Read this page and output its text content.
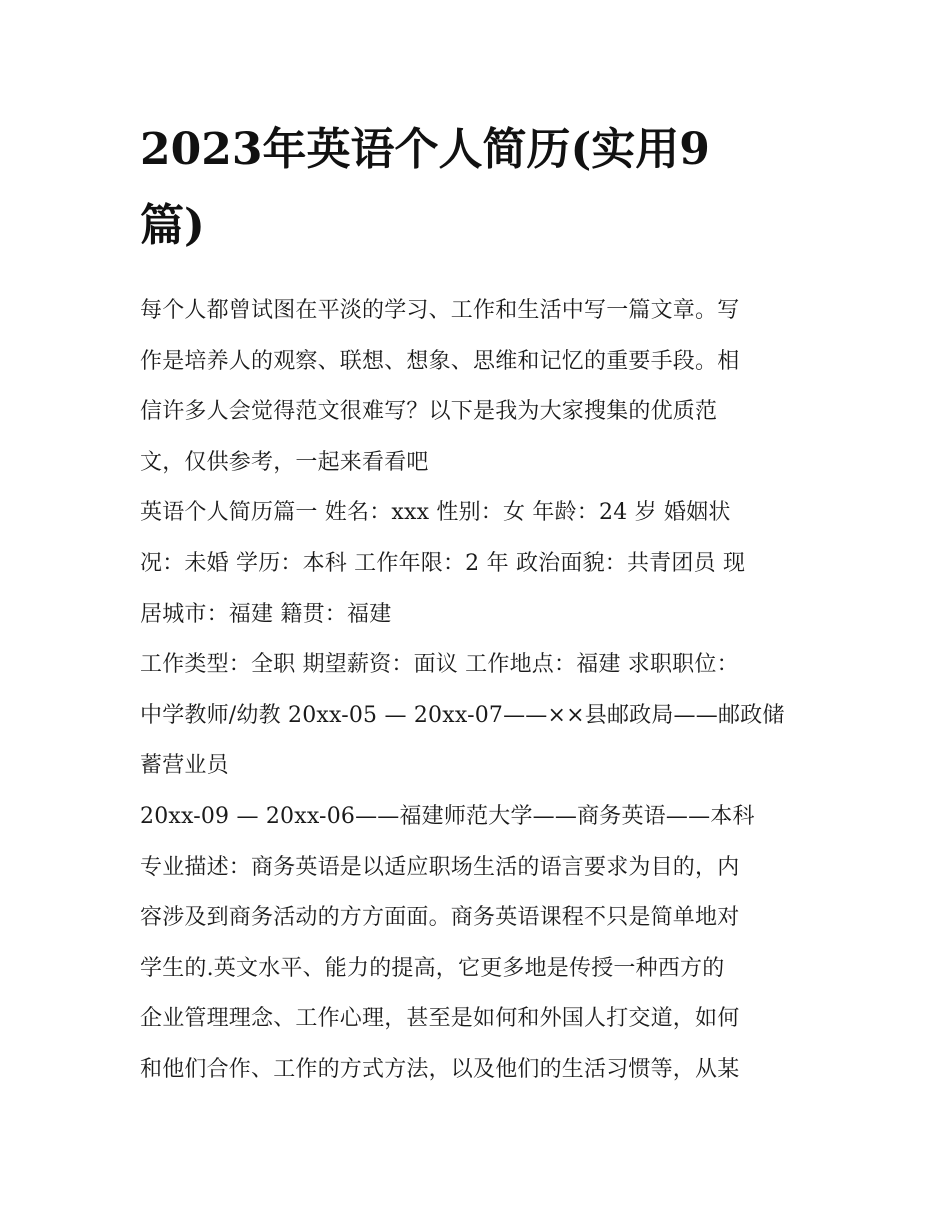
2023年英语个人简历(实用9
篇)

每个人都曾试图在平淡的学习、工作和生活中写一篇文章。写
作是培养人的观察、联想、想象、思维和记忆的重要手段。相
信许多人会觉得范文很难写？以下是我为大家搜集的优质范
文，仅供参考，一起来看看吧

英语个人简历篇一 姓名：xxx 性别：女 年龄：24 岁 婚姻状
况：未婚 学历：本科 工作年限：2 年 政治面貌：共青团员 现
居城市：福建 籍贯：福建

工作类型：全职 期望薪资：面议 工作地点：福建 求职职位：
中学教师/幼教 20xx-05 — 20xx-07——××县邮政局——邮政储
蓄营业员

20xx-09 — 20xx-06——福建师范大学——商务英语——本科

专业描述：商务英语是以适应职场生活的语言要求为目的，内
容涉及到商务活动的方方面面。商务英语课程不只是简单地对
学生的.英文水平、能力的提高，它更多地是传授一种西方的
企业管理理念、工作心理，甚至是如何和外国人打交道，如何
和他们合作、工作的方式方法，以及他们的生活习惯等，从某
